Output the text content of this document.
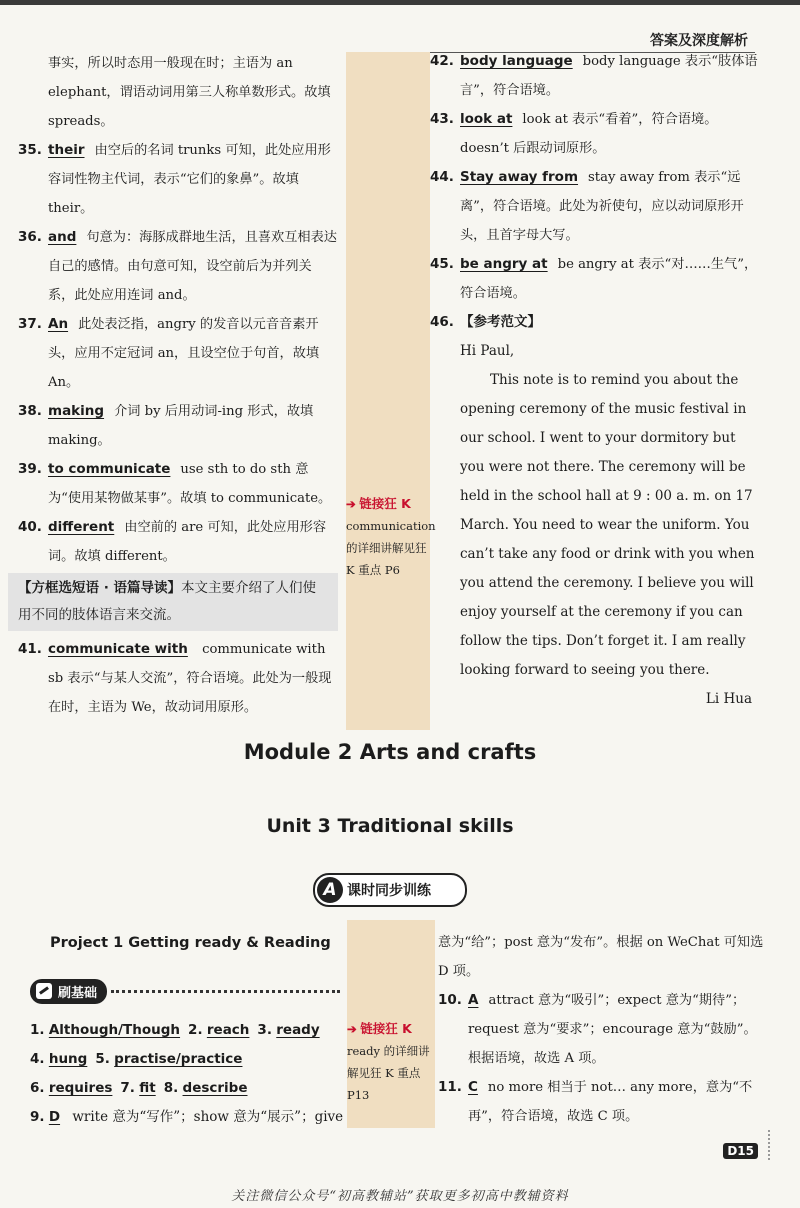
答案及深度解析
事实，所以时态用一般现在时；主语为 an elephant，谓语动词用第三人称单数形式。故填 spreads。
35. their 由空后的名词 trunks 可知，此处应用形容词性物主代词，表示“它们的象鼻”。故填 their。
36. and 句意为：海豚成群地生活，且喜欢互相表达自己的感情。由句意可知，设空前后为并列关系，此处应用连词 and。
37. An 此处表泛指，angry 的发音以元音音素开头，应用不定冠词 an，且设空位于句首，故填 An。
38. making 介词 by 后用动词-ing 形式，故填 making。
39. to communicate use sth to do sth 意为“使用某物做某事”。故填 to communicate。
40. different 由空前的 are 可知，此处应用形容词。故填 different。
【方框选短语 · 语篇导读】本文主要介绍了人们使用不同的肢体语言来交流。
41. communicate with communicate with sb 表示“与某人交流”，符合语境。此处为一般现在时，主语为 We，故动词用原形。
➔ 链接狂 K
communication 的详细讲解见狂 K 重点 P6
42. body language body language 表示“肢体语言”，符合语境。
43. look at look at 表示“看着”，符合语境。doesn’t 后跟动词原形。
44. Stay away from stay away from 表示“远离”，符合语境。此处为祈使句，应以动词原形开头，且首字母大写。
45. be angry at be angry at 表示“对……生气”，符合语境。
46. 【参考范文】

Hi Paul,

This note is to remind you about the opening ceremony of the music festival in our school. I went to your dormitory but you were not there. The ceremony will be held in the school hall at 9 : 00 a. m. on 17 March. You need to wear the uniform. You can’t take any food or drink with you when you attend the ceremony. I believe you will enjoy yourself at the ceremony if you can follow the tips. Don’t forget it. I am really looking forward to seeing you there.

Li Hua

Module 2 Arts and crafts
Unit 3 Traditional skills
A 课时同步训练
Project 1 Getting ready & Reading
刷基础
1. Although/Though 2. reach 3. ready
4. hung 5. practise/practice
6. requires 7. fit 8. describe
9. D write 意为“写作”；show 意为“展示”；give
➔ 链接狂 K
ready 的详细讲解见狂 K 重点 P13
意为“给”；post 意为“发布”。根据 on WeChat 可知选 D 项。
10. A attract 意为“吸引”；expect 意为“期待”；request 意为“要求”；encourage 意为“鼓励”。根据语境，故选 A 项。
11. C no more 相当于 not… any more，意为“不再”，符合语境，故选 C 项。
D15
关注微信公众号“初高教辅站”获取更多初高中教辅资料
